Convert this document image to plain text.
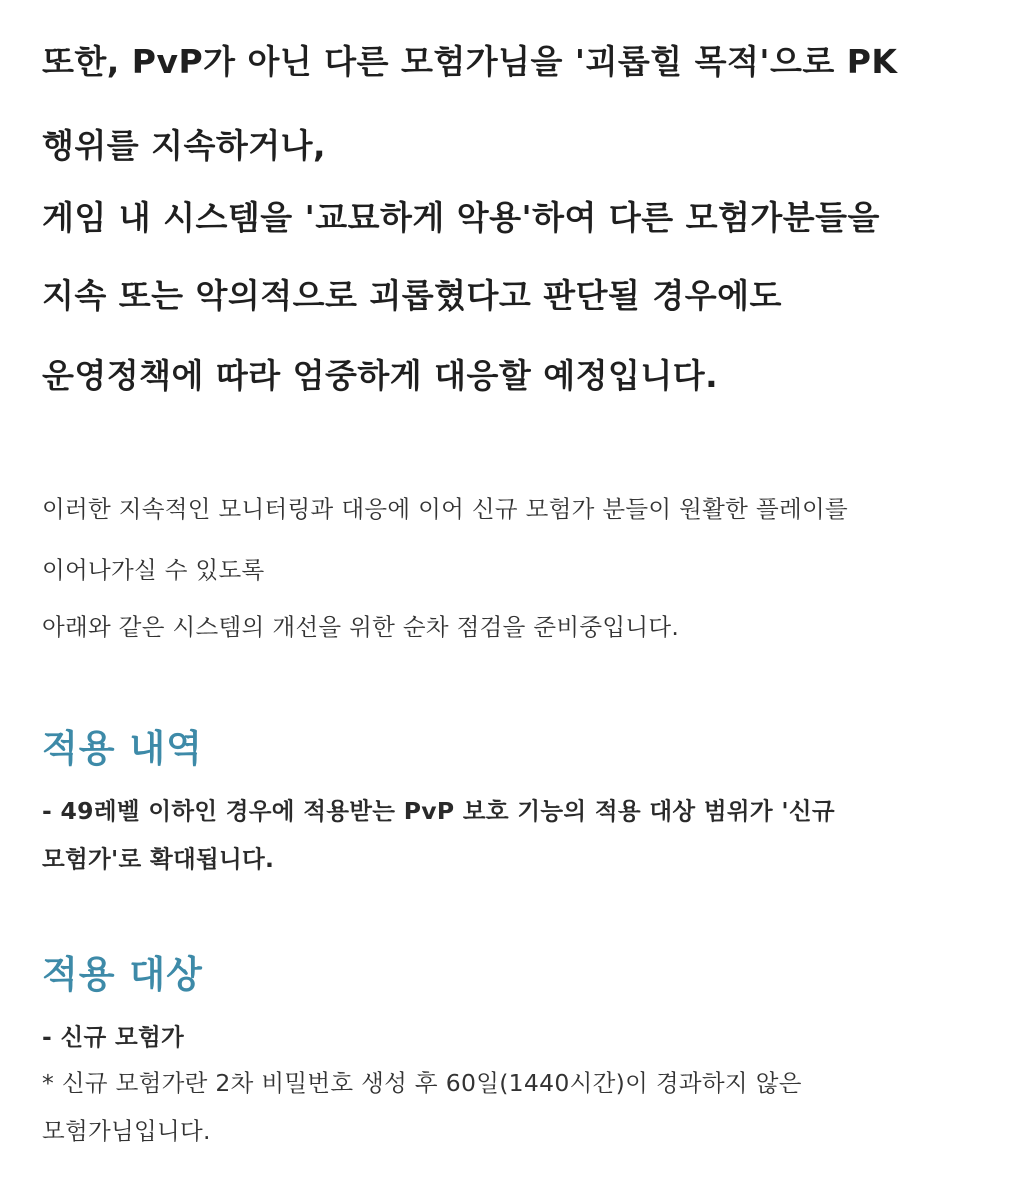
또한, PvP가 아닌 다른 모험가님을 '괴롭힐 목적'으로 PK
행위를 지속하거나,
게임 내 시스템을 '교묘하게 악용'하여 다른 모험가분들을
지속 또는 악의적으로 괴롭혔다고 판단될 경우에도
운영정책에 따라 엄중하게 대응할 예정입니다.
이러한 지속적인 모니터링과 대응에 이어 신규 모험가 분들이 원활한 플레이를
이어나가실 수 있도록
아래와 같은 시스템의 개선을 위한 순차 점검을 준비중입니다.
적용 내역
- 49레벨 이하인 경우에 적용받는 PvP 보호 기능의 적용 대상 범위가 '신규
모험가'로 확대됩니다.
적용 대상
- 신규 모험가
* 신규 모험가란 2차 비밀번호 생성 후 60일(1440시간)이 경과하지 않은
모험가님입니다.
